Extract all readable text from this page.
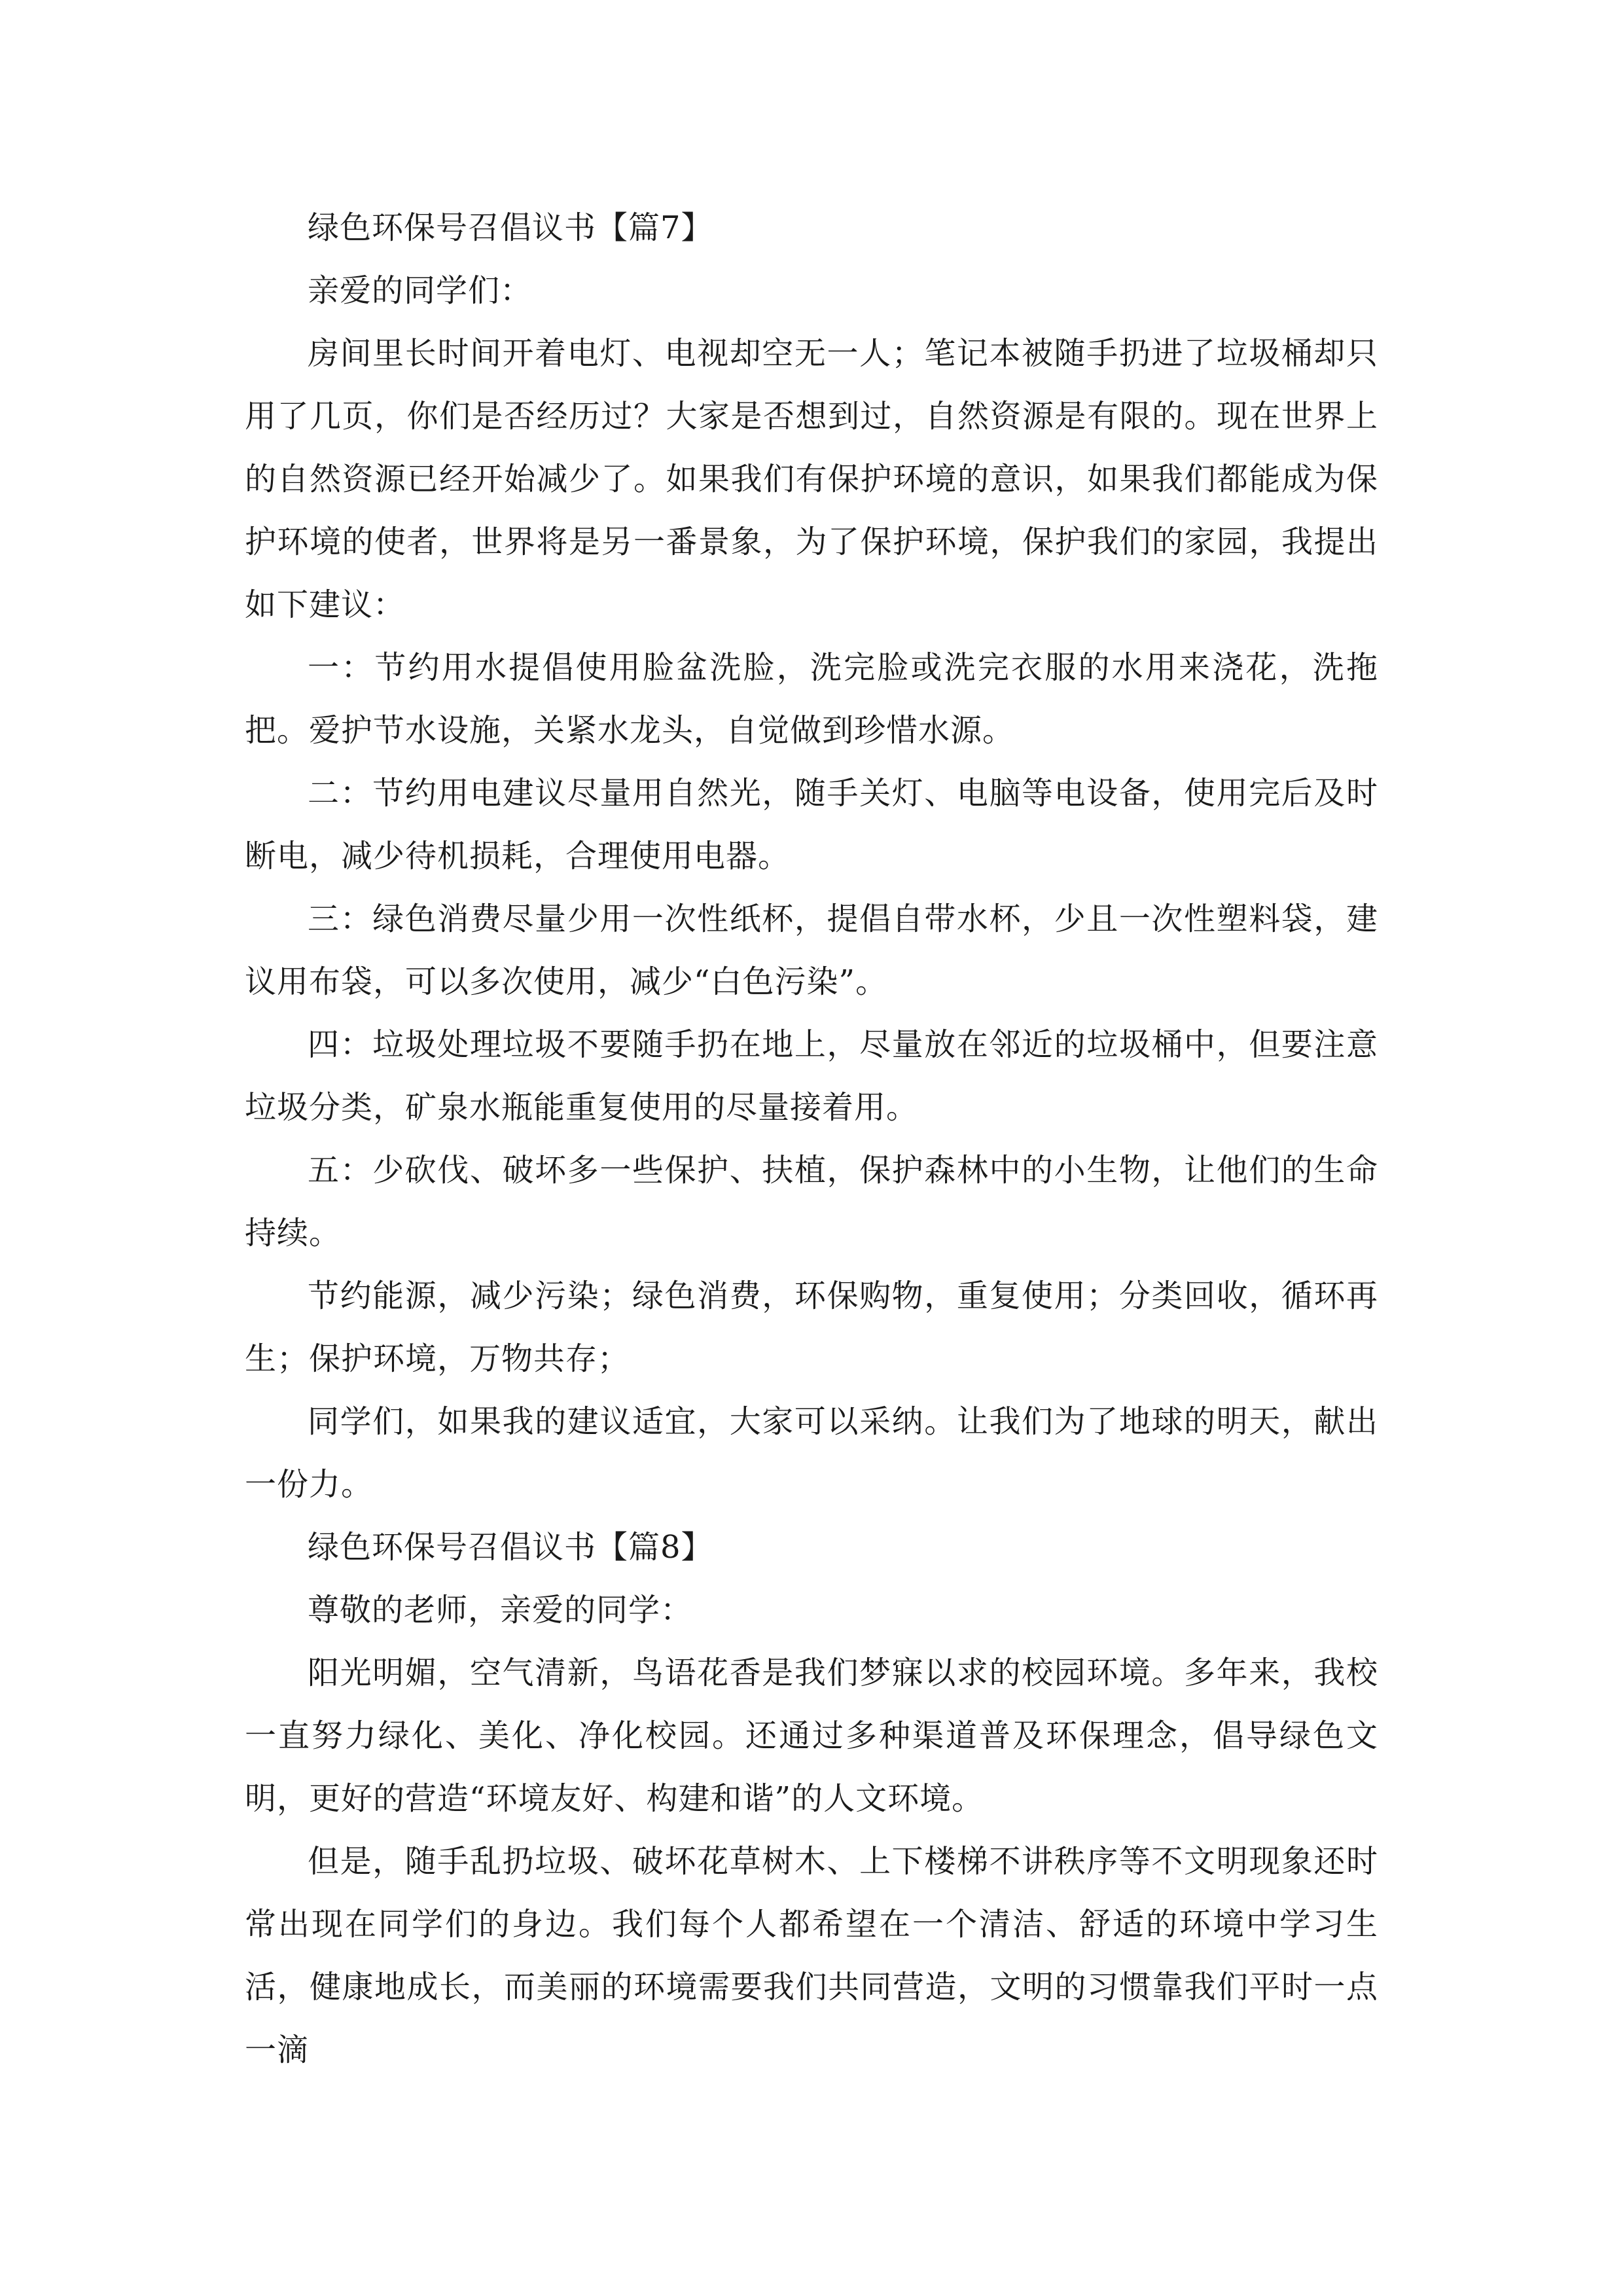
绿色环保号召倡议书【篇7】

亲爱的同学们：

房间里长时间开着电灯、电视却空无一人；笔记本被随手扔进了垃圾桶却只用了几页，你们是否经历过？大家是否想到过，自然资源是有限的。现在世界上的自然资源已经开始减少了。如果我们有保护环境的意识，如果我们都能成为保护环境的使者，世界将是另一番景象，为了保护环境，保护我们的家园，我提出如下建议：

一：节约用水提倡使用脸盆洗脸，洗完脸或洗完衣服的水用来浇花，洗拖把。爱护节水设施，关紧水龙头，自觉做到珍惜水源。

二：节约用电建议尽量用自然光，随手关灯、电脑等电设备，使用完后及时断电，减少待机损耗，合理使用电器。

三：绿色消费尽量少用一次性纸杯，提倡自带水杯，少且一次性塑料袋，建议用布袋，可以多次使用，减少“白色污染”。

四：垃圾处理垃圾不要随手扔在地上，尽量放在邻近的垃圾桶中，但要注意垃圾分类，矿泉水瓶能重复使用的尽量接着用。

五：少砍伐、破坏多一些保护、扶植，保护森林中的小生物，让他们的生命持续。

节约能源，减少污染；绿色消费，环保购物，重复使用；分类回收，循环再生；保护环境，万物共存；

同学们，如果我的建议适宜，大家可以采纳。让我们为了地球的明天，献出一份力。

绿色环保号召倡议书【篇8】

尊敬的老师，亲爱的同学：

阳光明媚，空气清新，鸟语花香是我们梦寐以求的校园环境。多年来，我校一直努力绿化、美化、净化校园。还通过多种渠道普及环保理念，倡导绿色文明，更好的营造“环境友好、构建和谐”的人文环境。

但是，随手乱扔垃圾、破坏花草树木、上下楼梯不讲秩序等不文明现象还时常出现在同学们的身边。我们每个人都希望在一个清洁、舒适的环境中学习生活，健康地成长，而美丽的环境需要我们共同营造，文明的习惯靠我们平时一点一滴
